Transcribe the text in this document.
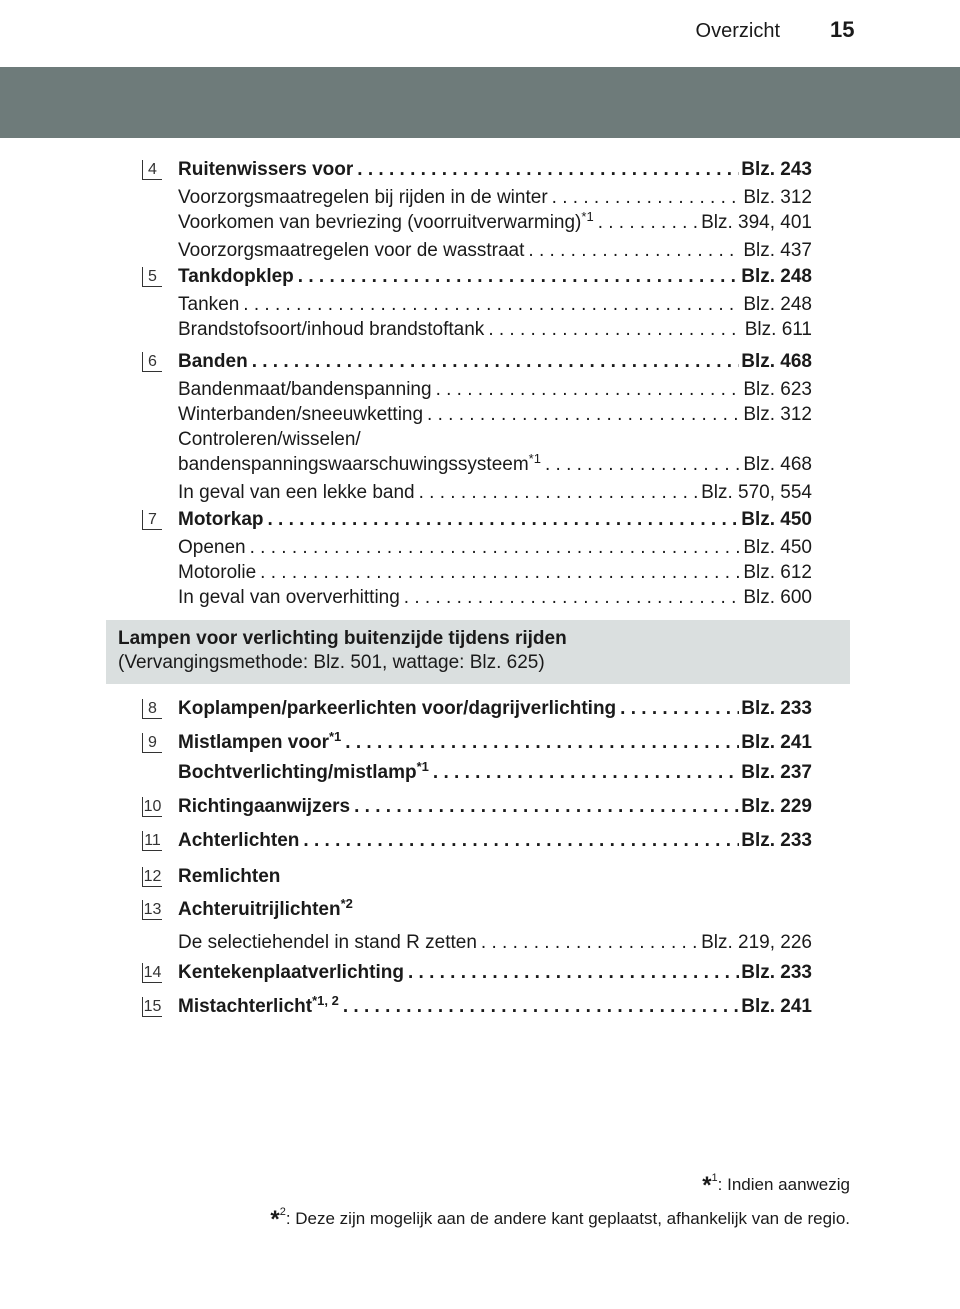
Overzicht 15
4 Ruitenwissers voor . . .	Blz. 243
Voorzorgsmaatregelen bij rijden in de winter . . .	Blz. 312
Voorkomen van bevriezing (voorruitverwarming)$^{*1}$ . . .	Blz. 394, 401
Voorzorgsmaatregelen voor de wasstraat . . .	Blz. 437
5 Tankdopklep . . .	Blz. 248
Tanken . . .	Blz. 248
Brandstofsoort/inhoud brandstoftank . . .	Blz. 611
6 Banden . . .	Blz. 468
Bandenmaat/bandenspanning . . .	Blz. 623
Winterbanden/sneeuwketting . . .	Blz. 312
Controleren/wisselen/
bandenspanningswaarschuwingssysteem$^{*1}$ . . .	Blz. 468
In geval van een lekke band . . .	Blz. 570, 554
7 Motorkap . . .	Blz. 450
Openen . . .	Blz. 450
Motorolie . . .	Blz. 612
In geval van oververhitting . . .	Blz. 600
Lampen voor verlichting buitenzijde tijdens rijden
(Vervangingsmethode: Blz. 501, wattage: Blz. 625)
8 Koplampen/parkeerlichten voor/dagrijverlichting . . .	Blz. 233
9 Mistlampen voor$^{*1}$ . . .	Blz. 241
Bochtverlichting/mistlamp$^{*1}$ . . .	Blz. 237
10 Richtingaanwijzers . . .	Blz. 229
11 Achterlichten . . .	Blz. 233
12 Remlichten
13 Achteruitrijlichten$^{*2}$
De selectiehendel in stand R zetten . . .	Blz. 219, 226
14 Kentekenplaatverlichting . . .	Blz. 233
15 Mistachterlicht$^{*1, 2}$ . . .	Blz. 241
*$^1$: Indien aanwezig
*$^2$: Deze zijn mogelijk aan de andere kant geplaatst, afhankelijk van de regio.
